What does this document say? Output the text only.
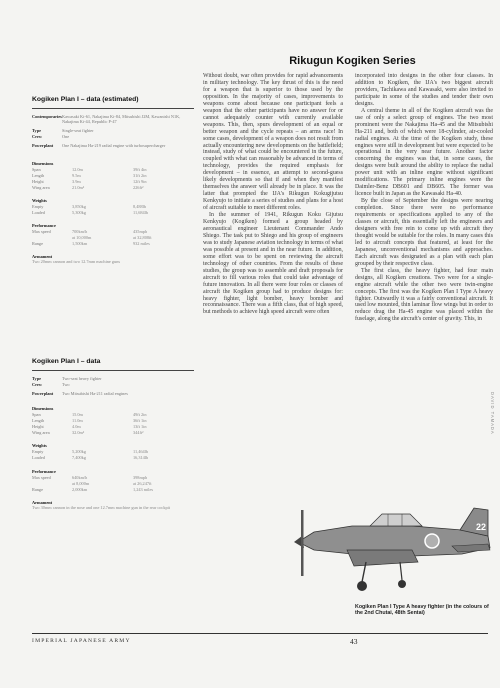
Rikugun Kogiken Series
Kogiken Plan I – data (estimated)
Contemporaries Kawasaki Ki-61, Nakajima Ki-84, Mitsubishi J2M, Kawanishi N1K, Nakajima Ki-44, Republic P-47
Type	Single-seat fighter
Crew	One
Powerplant	One Nakajima Ha-219 radial engine with turbosupercharger
Dimensions
Span	12.0m	39ft 4in
Length	9.5m	31ft 2in
Height	3.9m	12ft 9in
Wing area	21.0m²	226ft²
Weights
Empty	3,850kg	8,488lb
Loaded	5,300kg	11,684lb
Performance
Max speed	700km/h	435mph
at 10,000m	at 32,808ft
Range	1,500km	932 miles
Armament
Two 20mm cannon and two 12.7mm machine guns
Kogiken Plan I – data
Type	Two-seat heavy fighter
Crew	Two
Powerplant	Two Mitsubishi Ha-211 radial engines
Dimensions
Span	15.0m	49ft 2in
Length	11.0m	36ft 1in
Height	4.0m	13ft 1in
Wing area	32.0m²	344ft²
Weights
Empty	5,200kg	11,464lb
Loaded	7,400kg	16,314lb
Performance
Max speed	640km/h	398mph
at 8,000m	at 26,247ft
Range	2,000km	1,243 miles
Armament
Two 30mm cannon in the nose and one 12.7mm machine gun in the rear cockpit

Without doubt, war often provides for rapid advancements in military technology. The key thrust of this is the need for a weapon that is superior to those used by the opposition. In the majority of cases, improvements to weapons come about because one participant feels a weapon that the other participants have no answer for or cannot adequately counter with currently available weapons. This, then, spurs development of an equal or better weapon and the cycle repeats – an arms race! In some cases, development of a weapon does not result from actually encountering new developments on the battlefield; instead, study of what could be encountered in the future, coupled with what can reasonably be advanced in terms of technology, provides the required emphasis for development – in essence, an attempt to second-guess likely developments so that if and when they manifest themselves the answer will already be in place. It was the latter that prompted the IJA's Rikugun Kokugijutsu Kenkyujo to initiate a series of studies and plans for a host of aircraft suitable to meet different roles.

In the summer of 1941, Rikugun Koku Gijutsu Kenkyujo (Kogiken) formed a group headed by aeronautical engineer Lieutenant Commander Ando Shiego. The task put to Shiego and his group of engineers was to study Japanese aviation technology in terms of what was possible at present and in the near future. In addition, some effort was to be spent on reviewing the aircraft technology of other countries. From the results of these studies, the group was to assemble and draft proposals for aircraft to fill various roles that could take advantage of future innovation. In all there were four roles or classes of aircraft the Kogiken group had to produce designs for: heavy fighter, light bomber, heavy bomber and reconnaissance. There was a fifth class, that of high speed, but methods to achieve high speed aircraft were often

incorporated into designs in the other four classes. In addition to Kogiken, the IJA's two biggest aircraft providers, Tachikawa and Kawasaki, were also invited to participate in some of the studies and tender their own designs.

A central theme in all of the Kogiken aircraft was the use of only a select group of engines. The two most prominent were the Nakajima Ha-45 and the Mitsubishi Ha-211 and, both of which were 18-cylinder, air-cooled radial engines. At the time of the Kogiken study, these engines were still in development but were expected to be operational in the very near future. Another factor concerning the engines was that, in some cases, the designs were built around the ability to replace the radial power unit with an inline engine without significant modifications. The primary inline engines were the Daimler-Benz DB601 and DB605. The former was licence built in Japan as the Kawasaki Ha-40.

By the close of September the designs were nearing completion. Since there were no performance requirements or specifications applied to any of the classes or aircraft, this essentially left the engineers and designers with free rein to come up with aircraft they thought would be suitable for the roles. In many cases this led to aircraft concepts that featured, at least for the Japanese, unconventional mechanisms and approaches. Each aircraft was designated as a plan with each plan grouped by their respective class.

The first class, the heavy fighter, had four main designs, all Kogiken creations. Two were for a single-engine aircraft while the other two were twin-engine concepts. The first was the Kogiken Plan I Type A heavy fighter. Outwardly it was a fairly conventional aircraft. It used low mounted, thin laminar flow wings but in order to reduce drag the Ha-45 engine was placed within the fuselage, along the aircraft's center of gravity. This, in

22
Kogiken Plan I Type A heavy fighter (in the colours of the 2nd Chutai, 48th Sentai)
IMPERIAL JAPANESE ARMY	43
DAVID TAMADA
